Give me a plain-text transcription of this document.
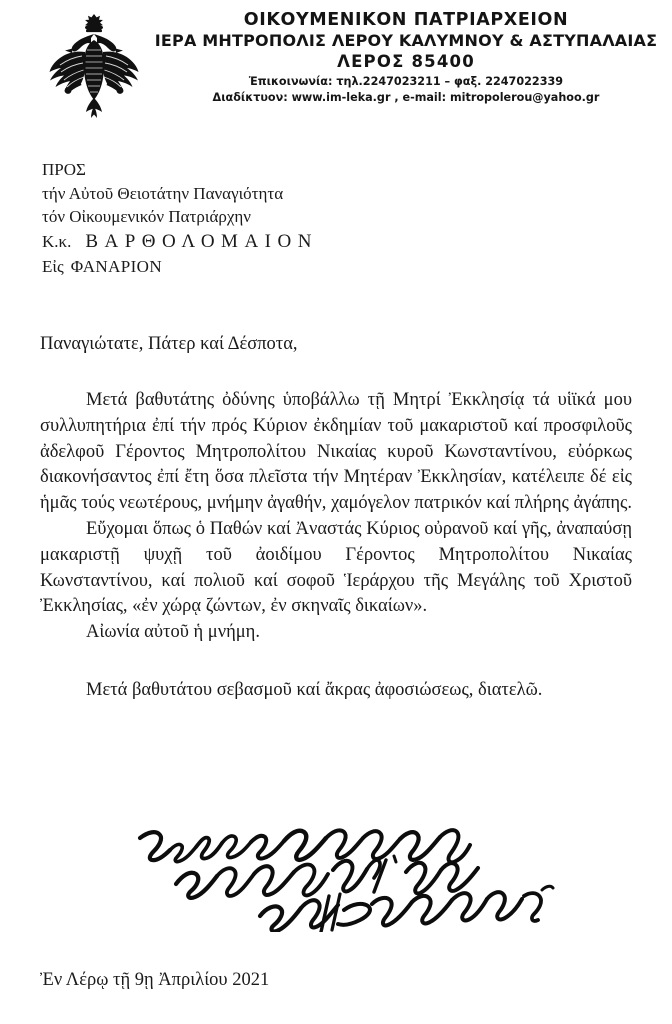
ΟΙΚΟΥΜΕΝΙΚΟΝ ΠΑΤΡΙΑΡΧΕΙΟΝ
ΙΕΡΑ ΜΗΤΡΟΠΟΛΙΣ ΛΕΡΟΥ ΚΑΛΥΜΝΟΥ & ΑΣΤΥΠΑΛΑΙΑΣ
ΛΕΡΟΣ 85400
Ἐπικοινωνία: τηλ.2247023211 – φαξ. 2247022339
Διαδίκτυον: www.im-leka.gr , e-mail: mitropolerou@yahoo.gr
ΠΡΟΣ
τήν Αὐτοῦ Θειοτάτην Παναγιότητα
τόν Οἰκουμενικόν Πατριάρχην
Κ.κ. ΒΑΡΘΟΛΟΜΑΙΟΝ
Εἰς ΦΑΝΑΡΙΟΝ
Παναγιώτατε, Πάτερ καί Δέσποτα,

Μετά βαθυτάτης ὀδύνης ὑποβάλλω τῇ Μητρί Ἐκκλησίᾳ τά υἱϊκά μου συλλυπητήρια ἐπί τήν πρός Κύριον ἐκδημίαν τοῦ μακαριστοῦ καί προσφιλοῦς ἀδελφοῦ Γέροντος Μητροπολίτου Νικαίας κυροῦ Κωνσταντίνου, εὐόρκως διακονήσαντος ἐπί ἔτη ὅσα πλεῖστα τήν Μητέραν Ἐκκλησίαν, κατέλειπε δέ εἰς ἡμᾶς τούς νεωτέρους, μνήμην ἀγαθήν, χαμόγελον πατρικόν καί πλήρης ἀγάπης.

Εὔχομαι ὅπως ὁ Παθών καί Ἀναστάς Κύριος οὐρανοῦ καί γῆς, ἀναπαύσῃ μακαριστῇ ψυχῇ τοῦ ἀοιδίμου Γέροντος Μητροπολίτου Νικαίας Κωνσταντίνου, καί πολιοῦ καί σοφοῦ Ἱεράρχου τῆς Μεγάλης τοῦ Χριστοῦ Ἐκκλησίας, «ἐν χώρᾳ ζώντων, ἐν σκηναῖς δικαίων».

Αἰωνία αὐτοῦ ἡ μνήμη.

Μετά βαθυτάτου σεβασμοῦ καί ἄκρας ἀφοσιώσεως, διατελῶ.
Ἐν Λέρῳ τῇ 9ῃ Ἀπριλίου 2021
